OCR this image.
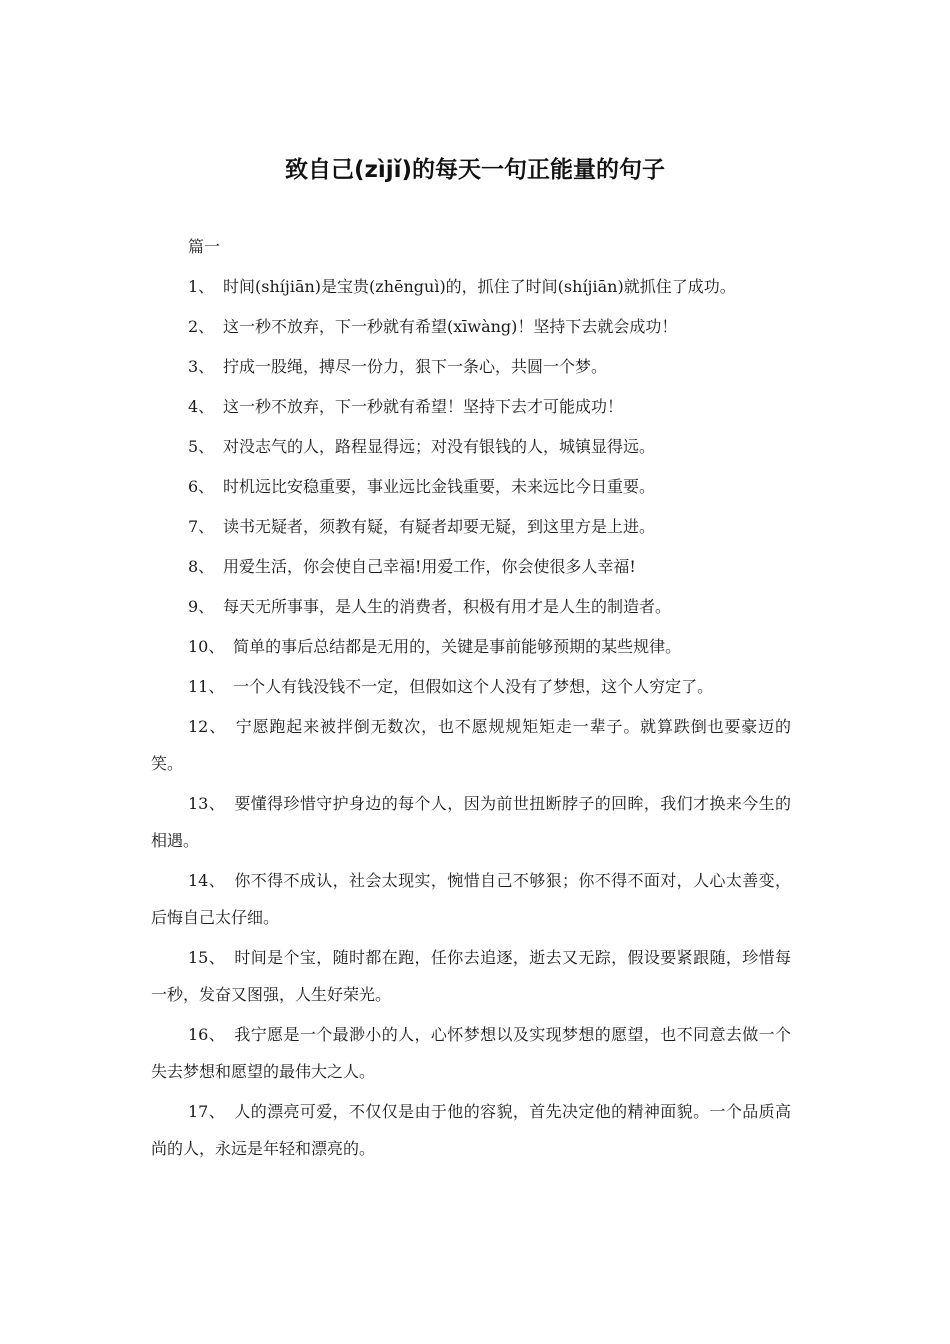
致自己(zìjǐ)的每天一句正能量的句子

篇一

1、 时间(shíjiān)是宝贵(zhēnguì)的，抓住了时间(shíjiān)就抓住了成功。

2、 这一秒不放弃，下一秒就有希望(xīwàng)！坚持下去就会成功！

3、 拧成一股绳，搏尽一份力，狠下一条心，共圆一个梦。

4、 这一秒不放弃，下一秒就有希望！坚持下去才可能成功！

5、 对没志气的人，路程显得远；对没有银钱的人，城镇显得远。

6、 时机远比安稳重要，事业远比金钱重要，未来远比今日重要。

7、 读书无疑者，须教有疑，有疑者却要无疑，到这里方是上进。

8、 用爱生活，你会使自己幸福!用爱工作，你会使很多人幸福!

9、 每天无所事事，是人生的消费者，积极有用才是人生的制造者。

10、 简单的事后总结都是无用的，关键是事前能够预期的某些规律。

11、 一个人有钱没钱不一定，但假如这个人没有了梦想，这个人穷定了。

12、 宁愿跑起来被拌倒无数次，也不愿规规矩矩走一辈子。就算跌倒也要豪迈的笑。

13、 要懂得珍惜守护身边的每个人，因为前世扭断脖子的回眸，我们才换来今生的相遇。

14、 你不得不成认，社会太现实，惋惜自己不够狠；你不得不面对，人心太善变，后悔自己太仔细。

15、 时间是个宝，随时都在跑，任你去追逐，逝去又无踪，假设要紧跟随，珍惜每一秒，发奋又图强，人生好荣光。

16、 我宁愿是一个最渺小的人，心怀梦想以及实现梦想的愿望，也不同意去做一个失去梦想和愿望的最伟大之人。

17、 人的漂亮可爱，不仅仅是由于他的容貌，首先决定他的精神面貌。一个品质高尚的人，永远是年轻和漂亮的。
